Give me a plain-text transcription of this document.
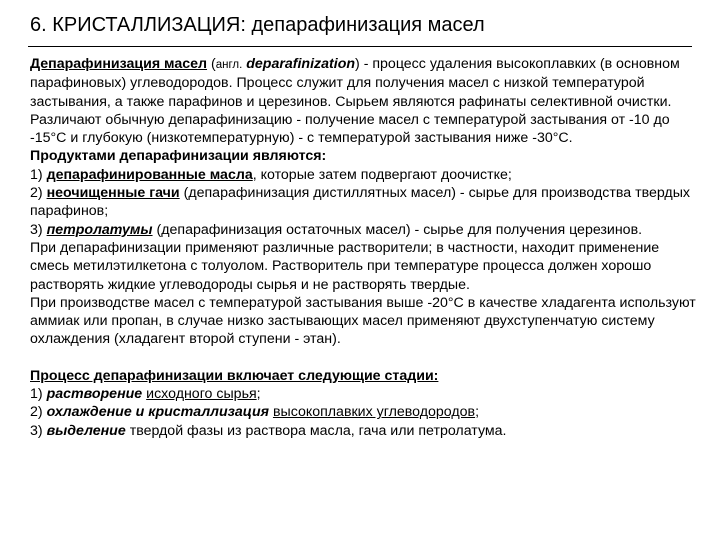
6. КРИСТАЛЛИЗАЦИЯ: депарафинизация масел

Депарафинизация масел (англ. deparafinization) - процесс удаления высокоплавких (в основном парафиновых) углеводородов. Процесс служит для получения масел с низкой температурой застывания, а также парафинов и церезинов. Сырьем являются рафинаты селективной очистки. Различают обычную депарафинизацию - получение масел с температурой застывания от -10 до -15°С и глубокую (низкотемпературную) - с температурой застывания ниже -30°С.

Продуктами депарафинизации являются:

1) депарафинированные масла, которые затем подвергают доочистке;

2) неочищенные гачи (депарафинизация дистиллятных масел) - сырье для производства твердых парафинов;

3) петролатумы (депарафинизация остаточных масел) - сырье для получения церезинов.

При депарафинизации применяют различные растворители; в частности, находит применение смесь метилэтилкетона с толуолом. Растворитель при температуре процесса должен хорошо растворять жидкие углеводороды сырья и не растворять твердые.

При производстве масел с температурой застывания выше -20°С в качестве хладагента используют аммиак или пропан, в случае низко застывающих масел применяют двухступенчатую систему охлаждения (хладагент второй ступени - этан).

Процесс депарафинизации включает следующие стадии:

1) растворение исходного сырья;

2) охлаждение и кристаллизация высокоплавких углеводородов;

3) выделение твердой фазы из раствора масла, гача или петролатума.
